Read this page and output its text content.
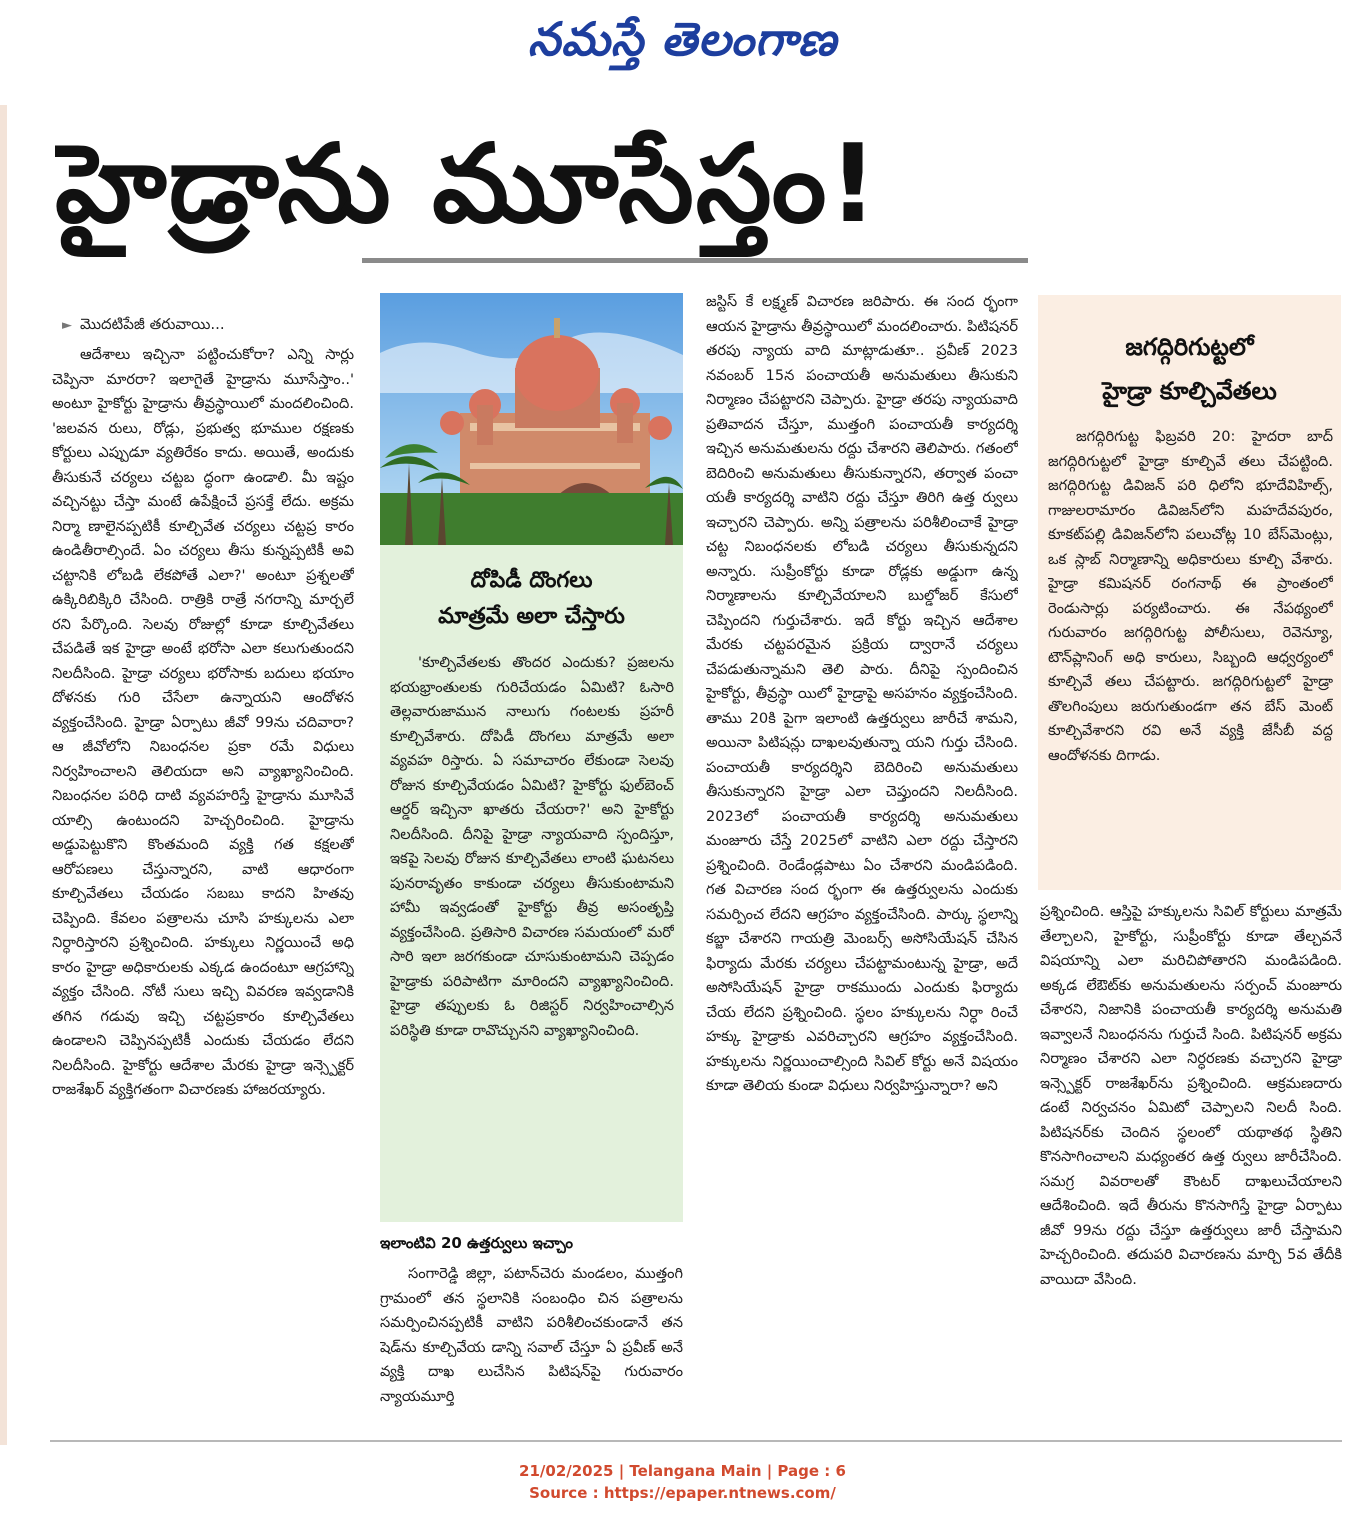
నమస్తే తెలంగాణ
హైడ్రాను మూసేస్తం!
► మొదటిపేజీ తరువాయి...

ఆదేశాలు ఇచ్చినా పట్టించుకోరా? ఎన్ని సార్లు చెప్పినా మారరా? ఇలాగైతే హైడ్రాను మూసేస్తాం..' అంటూ హైకోర్టు హైడ్రాను తీవ్రస్థాయిలో మందలించింది. 'జలవన రులు, రోడ్లు, ప్రభుత్వ భూముల రక్షణకు కోర్టులు ఎప్పుడూ వ్యతిరేకం కాదు. అయితే, అందుకు తీసుకునే చర్యలు చట్టబ ద్ధంగా ఉండాలి. మీ ఇష్టం వచ్చినట్టు చేస్తా మంటే ఉపేక్షించే ప్రసక్తే లేదు. అక్రమ నిర్మా ణాలైనప్పటికీ కూల్చివేత చర్యలు చట్టప్ర కారం ఉండితీరాల్సిందే. ఏం చర్యలు తీసు కున్నప్పటికీ అవి చట్టానికి లోబడి లేకపోతే ఎలా?' అంటూ ప్రశ్నలతో ఉక్కిరిబిక్కిరి చేసింది. రాత్రికి రాత్రే నగరాన్ని మార్చలే రని పేర్కొంది. సెలవు రోజుల్లో కూడా కూల్చివేతలు చేపడితే ఇక హైడ్రా అంటే భరోసా ఎలా కలుగుతుందని నిలదీసింది. హైడ్రా చర్యలు భరోసాకు బదులు భయాం దోళనకు గురి చేసేలా ఉన్నాయని ఆందోళన వ్యక్తంచేసింది. హైడ్రా ఏర్పాటు జీవో 99ను చదివారా? ఆ జీవోలోని నిబంధనల ప్రకా రమే విధులు నిర్వహించాలని తెలియదా అని వ్యాఖ్యానించింది. నిబంధనల పరిధి దాటి వ్యవహరిస్తే హైడ్రాను మూసివే యాల్సి ఉంటుందని హెచ్చరించింది. హైడ్రాను అడ్డుపెట్టుకొని కొంతమంది వ్యక్తి గత కక్షలతో ఆరోపణలు చేస్తున్నారని, వాటి ఆధారంగా కూల్చివేతలు చేయడం సబబు కాదని హితవు చెప్పింది. కేవలం పత్రాలను చూసి హక్కులను ఎలా నిర్ధారిస్తారని ప్రశ్నించింది. హక్కులు నిర్ణయించే అధి కారం హైడ్రా అధికారులకు ఎక్కడ ఉందంటూ ఆగ్రహాన్ని వ్యక్తం చేసింది. నోటీ సులు ఇచ్చి వివరణ ఇవ్వడానికి తగిన గడువు ఇచ్చి చట్టప్రకారం కూల్చివేతలు ఉండాలని చెప్పినప్పటికీ ఎందుకు చేయడం లేదని నిలదీసింది. హైకోర్టు ఆదేశాల మేరకు హైడ్రా ఇన్స్పెక్టర్ రాజశేఖర్ వ్యక్తిగతంగా విచారణకు హాజరయ్యారు.

దోపిడీ దొంగలు
మాత్రమే అలా చేస్తారు

'కూల్చివేతలకు తొందర ఎందుకు? ప్రజలను భయభ్రాంతులకు గురిచేయడం ఏమిటి? ఓసారి తెల్లవారుజామున నాలుగు గంటలకు ప్రహరీ కూల్చివేశారు. దోపిడీ దొంగలు మాత్రమే అలా వ్యవహ రిస్తారు. ఏ సమాచారం లేకుండా సెలవు రోజున కూల్చివేయడం ఏమిటి? హైకోర్టు ఫుల్‌బెంచ్ ఆర్డర్ ఇచ్చినా ఖాతరు చేయరా?' అని హైకోర్టు నిలదీసింది. దీనిపై హైడ్రా న్యాయవాది స్పందిస్తూ, ఇకపై సెలవు రోజున కూల్చివేతలు లాంటి ఘటనలు పునరావృతం కాకుండా చర్యలు తీసుకుంటామని హామీ ఇవ్వడంతో హైకోర్టు తీవ్ర అసంతృప్తి వ్యక్తంచేసింది. ప్రతిసారి విచారణ సమయంలో మరో సారి ఇలా జరగకుండా చూసుకుంటామని చెప్పడం హైడ్రాకు పరిపాటిగా మారిందని వ్యాఖ్యానించింది. హైడ్రా తప్పులకు ఓ రిజిస్టర్ నిర్వహించాల్సిన పరిస్థితి కూడా రావొచ్చునని వ్యాఖ్యానించింది.

ఇలాంటివి 20 ఉత్తర్వులు ఇచ్చాం

సంగారెడ్డి జిల్లా, పటాన్‌చెరు మండలం, ముత్తంగి గ్రామంలో తన స్థలానికి సంబంధిం చిన పత్రాలను సమర్పించినప్పటికీ వాటిని పరిశీలించకుండానే తన షెడ్‌ను కూల్చివేయ డాన్ని సవాల్ చేస్తూ ఏ ప్రవీణ్ అనే వ్యక్తి దాఖ లుచేసిన పిటిషన్‌పై గురువారం న్యాయమూర్తి

జస్టిస్ కే లక్ష్మణ్ విచారణ జరిపారు. ఈ సంద ర్భంగా ఆయన హైడ్రాను తీవ్రస్థాయిలో మందలించారు. పిటిషనర్ తరపు న్యాయ వాది మాట్లాడుతూ.. ప్రవీణ్ 2023 నవంబర్ 15న పంచాయతీ అనుమతులు తీసుకుని నిర్మాణం చేపట్టారని చెప్పారు. హైడ్రా తరపు న్యాయవాది ప్రతివాదన చేస్తూ, ముత్తంగి పంచాయతీ కార్యదర్శి ఇచ్చిన అనుమతులను రద్దు చేశారని తెలిపారు. గతంలో బెదిరించి అనుమతులు తీసుకున్నారని, తర్వాత పంచా యతీ కార్యదర్శి వాటిని రద్దు చేస్తూ తిరిగి ఉత్త ర్వులు ఇచ్చారని చెప్పారు. అన్ని పత్రాలను పరిశీలించాకే హైడ్రా చట్ట నిబంధనలకు లోబడి చర్యలు తీసుకున్నదని అన్నారు. సుప్రీంకోర్టు కూడా రోడ్లకు అడ్డుగా ఉన్న నిర్మాణాలను కూల్చివేయాలని బుల్డోజర్ కేసులో చెప్పిందని గుర్తుచేశారు. ఇదే కోర్టు ఇచ్చిన ఆదేశాల మేరకు చట్టపరమైన ప్రక్రియ ద్వారానే చర్యలు చేపడుతున్నామని తెలి పారు. దీనిపై స్పందించిన హైకోర్టు, తీవ్రస్థా యిలో హైడ్రాపై అసహనం వ్యక్తంచేసింది. తాము 20కి పైగా ఇలాంటి ఉత్తర్వులు జారీచే శామని, అయినా పిటిషన్లు దాఖలవుతున్నా యని గుర్తు చేసింది. పంచాయతీ కార్యదర్శిని బెదిరించి అనుమతులు తీసుకున్నారని హైడ్రా ఎలా చెప్తుందని నిలదీసింది. 2023లో పంచాయతీ కార్యదర్శి అనుమతులు మంజూరు చేస్తే 2025లో వాటిని ఎలా రద్దు చేస్తారని ప్రశ్నించింది. రెండేండ్లపాటు ఏం చేశారని మండిపడింది. గత విచారణ సంద ర్భంగా ఈ ఉత్తర్వులను ఎందుకు సమర్పించ లేదని ఆగ్రహం వ్యక్తంచేసింది. పార్కు స్థలాన్ని కబ్జా చేశారని గాయత్రి మెంబర్స్ అసోసియేషన్ చేసిన ఫిర్యాదు మేరకు చర్యలు చేపట్టామంటున్న హైడ్రా, అదే అసోసియేషన్ హైడ్రా రాకముందు ఎందుకు ఫిర్యాదు చేయ లేదని ప్రశ్నించింది. స్థలం హక్కులను నిర్ధా రించే హక్కు హైడ్రాకు ఎవరిచ్చారని ఆగ్రహం వ్యక్తంచేసింది. హక్కులను నిర్ణయించాల్సింది సివిల్ కోర్టు అనే విషయం కూడా తెలియ కుండా విధులు నిర్వహిస్తున్నారా? అని

జగద్గిరిగుట్టలో
హైడ్రా కూల్చివేతలు

జగద్గిరిగుట్ట ఫిబ్రవరి 20: హైదరా బాద్ జగద్గిరిగుట్టలో హైడ్రా కూల్చివే తలు చేపట్టింది. జగద్గిరిగుట్ట డివిజన్ పరి ధిలోని భూదేవిహిల్స్, గాజులరామారం డివిజన్‌లోని మహదేవపురం, కూకట్‌పల్లి డివిజన్‌లోని పలుచోట్ల 10 బేస్‌మెంట్లు, ఒక స్లాబ్ నిర్మాణాన్ని అధికారులు కూల్చి వేశారు. హైడ్రా కమిషనర్ రంగనాథ్ ఈ ప్రాంతంలో రెండుసార్లు పర్యటించారు. ఈ నేపథ్యంలో గురువారం జగద్గిరిగుట్ట పోలీసులు, రెవెన్యూ, టౌన్‌ప్లానింగ్ అధి కారులు, సిబ్బంది ఆధ్వర్యంలో కూల్చివే తలు చేపట్టారు. జగద్గిరిగుట్టలో హైడ్రా తొలగింపులు జరుగుతుండగా తన బేస్ మెంట్ కూల్చివేశారని రవి అనే వ్యక్తి జేసీబీ వద్ద ఆందోళనకు దిగాడు.

ప్రశ్నించింది. ఆస్తిపై హక్కులను సివిల్ కోర్టులు మాత్రమే తేల్చాలని, హైకోర్టు, సుప్రీంకోర్టు కూడా తేల్చవనే విషయాన్ని ఎలా మరిచిపోతారని మండిపడింది. అక్కడ లేఔట్‌కు అనుమతులను సర్పంచ్ మంజూరు చేశారని, నిజానికి పంచాయతీ కార్యదర్శి అనుమతి ఇవ్వాలనే నిబంధనను గుర్తుచే సింది. పిటిషనర్ అక్రమ నిర్మాణం చేశారని ఎలా నిర్ధరణకు వచ్చారని హైడ్రా ఇన్స్పెక్టర్ రాజశేఖర్‌ను ప్రశ్నించింది. ఆక్రమణదారు డంటే నిర్వచనం ఏమిటో చెప్పాలని నిలదీ సింది. పిటిషనర్‌కు చెందిన స్థలంలో యథాతథ స్థితిని కొనసాగించాలని మధ్యంతర ఉత్త ర్వులు జారీచేసింది. సమగ్ర వివరాలతో కౌంటర్ దాఖలుచేయాలని ఆదేశించింది. ఇదే తీరును కొనసాగిస్తే హైడ్రా ఏర్పాటు జీవో 99ను రద్దు చేస్తూ ఉత్తర్వులు జారీ చేస్తామని హెచ్చరించింది. తదుపరి విచారణను మార్చి 5వ తేదీకి వాయిదా వేసింది.

21/02/2025 | Telangana Main | Page : 6
Source : https://epaper.ntnews.com/
